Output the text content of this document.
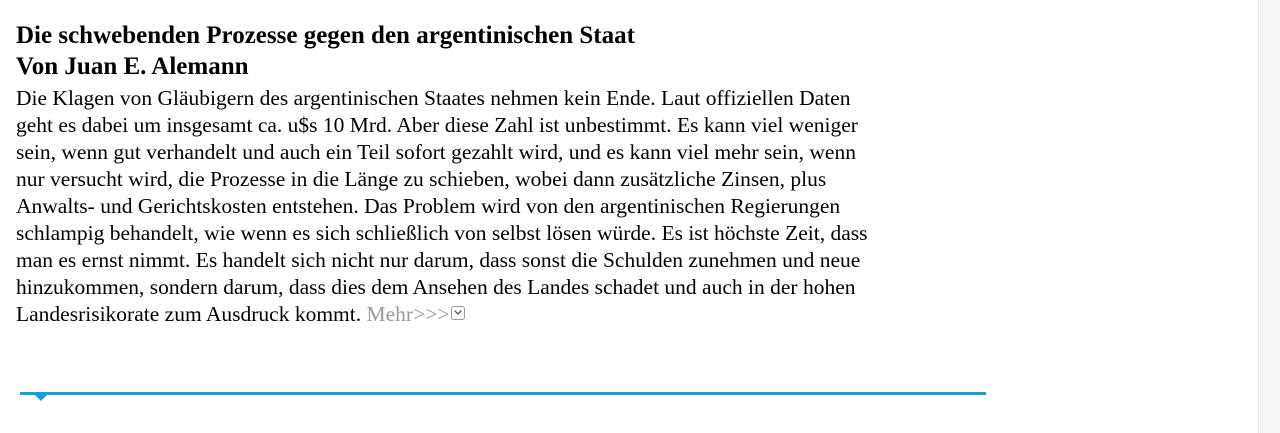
Die schwebenden Prozesse gegen den argentinischen Staat
Von Juan E. Alemann
Die Klagen von Gläubigern des argentinischen Staates nehmen kein Ende. Laut offiziellen Daten
geht es dabei um insgesamt ca. u$s 10 Mrd. Aber diese Zahl ist unbestimmt. Es kann viel weniger
sein, wenn gut verhandelt und auch ein Teil sofort gezahlt wird, und es kann viel mehr sein, wenn
nur versucht wird, die Prozesse in die Länge zu schieben, wobei dann zusätzliche Zinsen, plus
Anwalts- und Gerichtskosten entstehen. Das Problem wird von den argentinischen Regierungen
schlampig behandelt, wie wenn es sich schließlich von selbst lösen würde. Es ist höchste Zeit, dass
man es ernst nimmt. Es handelt sich nicht nur darum, dass sonst die Schulden zunehmen und neue
hinzukommen, sondern darum, dass dies dem Ansehen des Landes schadet und auch in der hohen
Landesrisikorate zum Ausdruck kommt. Mehr>>>
